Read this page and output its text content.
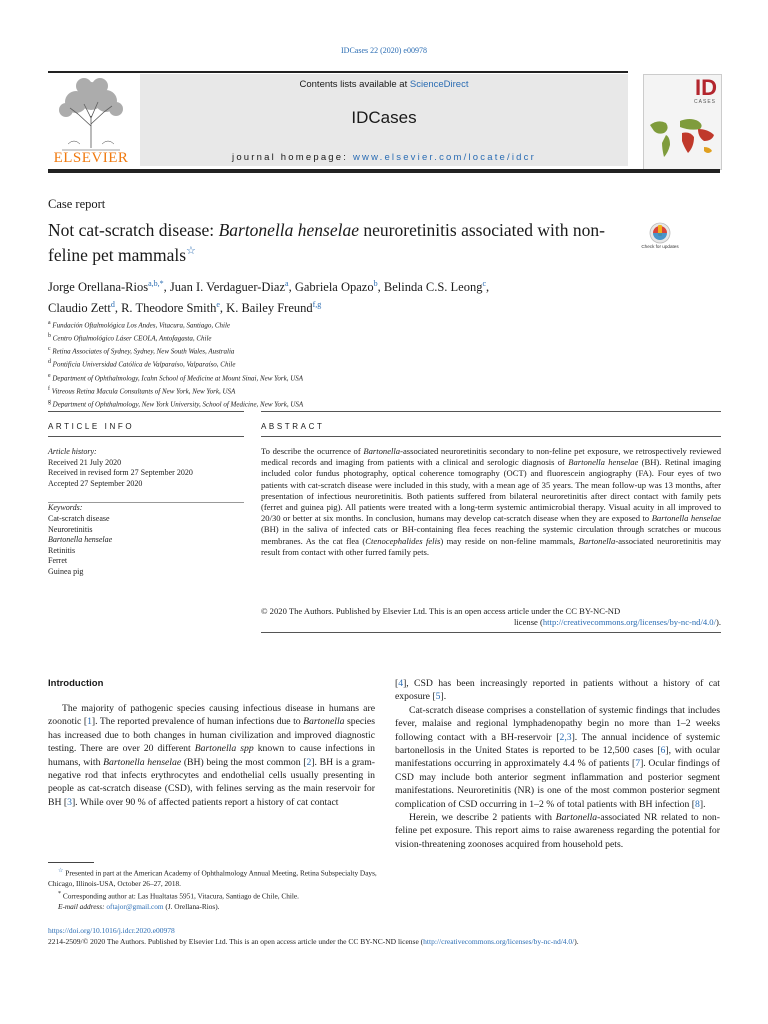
IDCases 22 (2020) e00978
ELSEVIER
Contents lists available at ScienceDirect
IDCases
journal homepage: www.elsevier.com/locate/idcr
ID
CASES
Case report
Not cat-scratch disease: Bartonella henselae neuroretinitis associated with non-feline pet mammals☆	Check for updates
Jorge Orellana-Rios$^{a,b,*}$, Juan I. Verdaguer-Diaz$^a$, Gabriela Opazo$^b$, Belinda C.S. Leong$^c$,
Claudio Zett$^d$, R. Theodore Smith$^e$, K. Bailey Freund$^{f,g}$
$^a$ Fundación Oftalmológica Los Andes, Vitacura, Santiago, Chile
$^b$ Centro Oftalmológico Láser CEOLA, Antofagasta, Chile
$^c$ Retina Associates of Sydney, Sydney, New South Wales, Australia
$^d$ Pontificia Universidad Católica de Valparaíso, Valparaíso, Chile
$^e$ Department of Ophthalmology, Icahn School of Medicine at Mount Sinai, New York, USA
$^f$ Vitreous Retina Macula Consultants of New York, New York, USA
$^g$ Department of Ophthalmology, New York University, School of Medicine, New York, USA
ARTICLE INFO	ABSTRACT
Article history:
Received 21 July 2020
Received in revised form 27 September 2020
Accepted 27 September 2020
Keywords:
Cat-scratch disease
Neuroretinitis
Bartonella henselae
Retinitis
Ferret
Guinea pig
To describe the ocurrence of Bartonella-associated neuroretinitis secondary to non-feline pet exposure, we retrospectively reviewed medical records and imaging from patients with a clinical and serologic diagnosis of Bartonella henselae (BH). Retinal imaging included color fundus photography, optical coherence tomography (OCT) and fluorescein angiography (FA). Four eyes of two patients with cat-scratch disease were included in this study, with a mean age of 35 years. The mean follow-up was 13 months, after presentation of infectious neuroretinitis. Both patients suffered from bilateral neuroretinitis after direct contact with family pets (ferret and guinea pig). All patients were treated with a long-term systemic antimicrobial therapy. Visual acuity in all improved to 20/30 or better at six months. In conclusion, humans may develop cat-scratch disease when they are exposed to Bartonella henselae (BH) in the saliva of infected cats or BH-containing flea feces reaching the systemic circulation through scratches or mucous membranes. As the cat flea (Ctenocephalides felis) may reside on non-feline mammals, Bartonella-associated neuroretinitis may result from contact with other furred family pets.
© 2020 The Authors. Published by Elsevier Ltd. This is an open access article under the CC BY-NC-ND
license (http://creativecommons.org/licenses/by-nc-nd/4.0/).
Introduction
The majority of pathogenic species causing infectious disease in humans are zoonotic [1]. The reported prevalence of human infections due to Bartonella species has increased due to both changes in human civilization and improved diagnostic testing. There are over 20 different Bartonella spp known to cause infections in humans, with Bartonella henselae (BH) being the most common [2]. BH is a gram-negative rod that infects erythrocytes and endothelial cells usually presenting in people as cat-scratch disease (CSD), with felines serving as the main reservoir for BH [3]. While over 90 % of affected patients report a history of cat contact
[4], CSD has been increasingly reported in patients without a history of cat exposure [5].
Cat-scratch disease comprises a constellation of systemic findings that includes fever, malaise and regional lymphadenopathy begin no more than 1–2 weeks following contact with a BH-reservoir [2,3]. The annual incidence of systemic bartonellosis in the United States is reported to be 12,500 cases [6], with ocular manifestations occurring in approximately 4.4 % of patients [7]. Ocular findings of CSD may include both anterior segment inflammation and posterior segment manifestations. Neuroretinitis (NR) is one of the most common posterior segment complication of CSD occurring in 1–2 % of total patients with BH infection [8].
Herein, we describe 2 patients with Bartonella-associated NR related to non-feline pet exposure. This report aims to raise awareness regarding the potential for vision-threatening zoonoses acquired from household pets.
☆ Presented in part at the American Academy of Ophthalmology Annual Meeting, Retina Subspecialty Days, Chicago, Illinois-USA, October 26–27, 2018.
* Corresponding author at: Las Hualtatas 5951, Vitacura, Santiago de Chile, Chile.
E-mail address: oftajor@gmail.com (J. Orellana-Rios).
https://doi.org/10.1016/j.idcr.2020.e00978
2214-2509/© 2020 The Authors. Published by Elsevier Ltd. This is an open access article under the CC BY-NC-ND license (http://creativecommons.org/licenses/by-nc-nd/4.0/).
